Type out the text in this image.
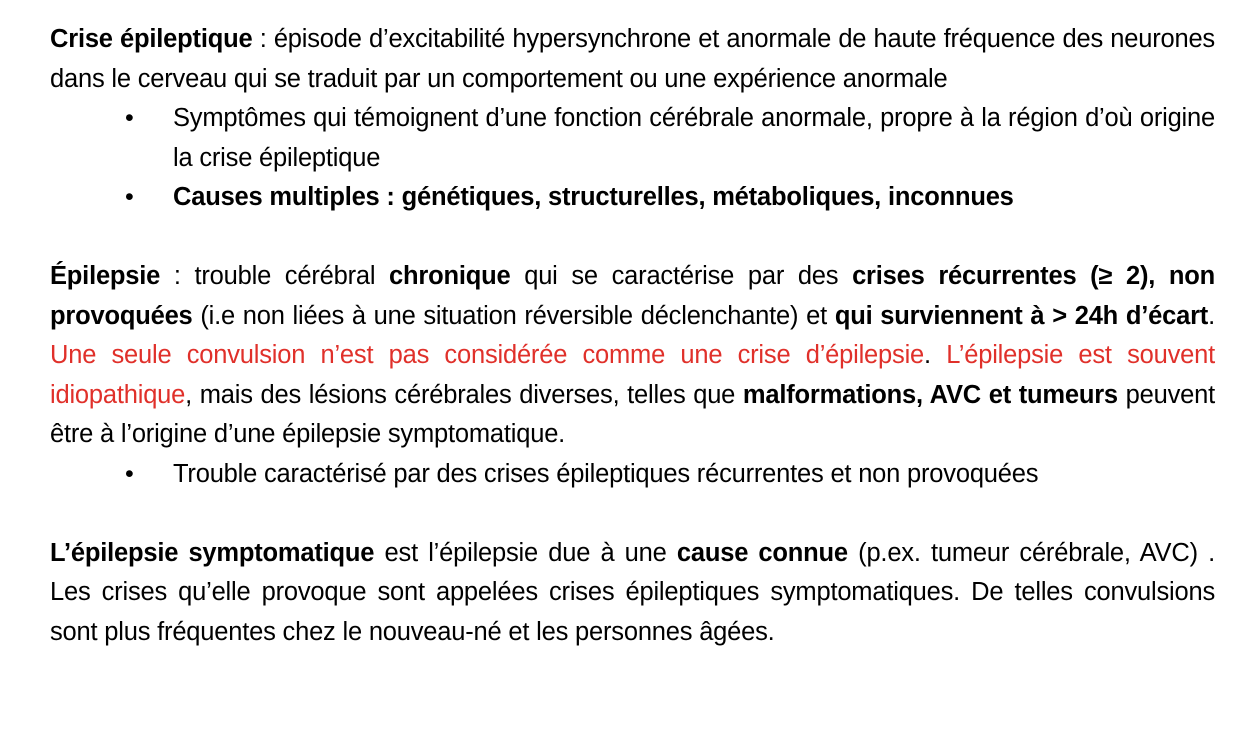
Crise épileptique : épisode d’excitabilité hypersynchrone et anormale de haute fréquence des neurones dans le cerveau qui se traduit par un comportement ou une expérience anormale

• Symptômes qui témoignent d’une fonction cérébrale anormale, propre à la région d’où origine la crise épileptique
• Causes multiples : génétiques, structurelles, métaboliques, inconnues

Épilepsie : trouble cérébral chronique qui se caractérise par des crises récurrentes (≥ 2), non provoquées (i.e non liées à une situation réversible déclenchante) et qui surviennent à > 24h d’écart. Une seule convulsion n’est pas considérée comme une crise d’épilepsie. L’épilepsie est souvent idiopathique, mais des lésions cérébrales diverses, telles que malformations, AVC et tumeurs peuvent être à l’origine d’une épilepsie symptomatique.

• Trouble caractérisé par des crises épileptiques récurrentes et non provoquées

L’épilepsie symptomatique est l’épilepsie due à une cause connue (p.ex. tumeur cérébrale, AVC) . Les crises qu’elle provoque sont appelées crises épileptiques symptomatiques. De telles convulsions sont plus fréquentes chez le nouveau-né et les personnes âgées.
